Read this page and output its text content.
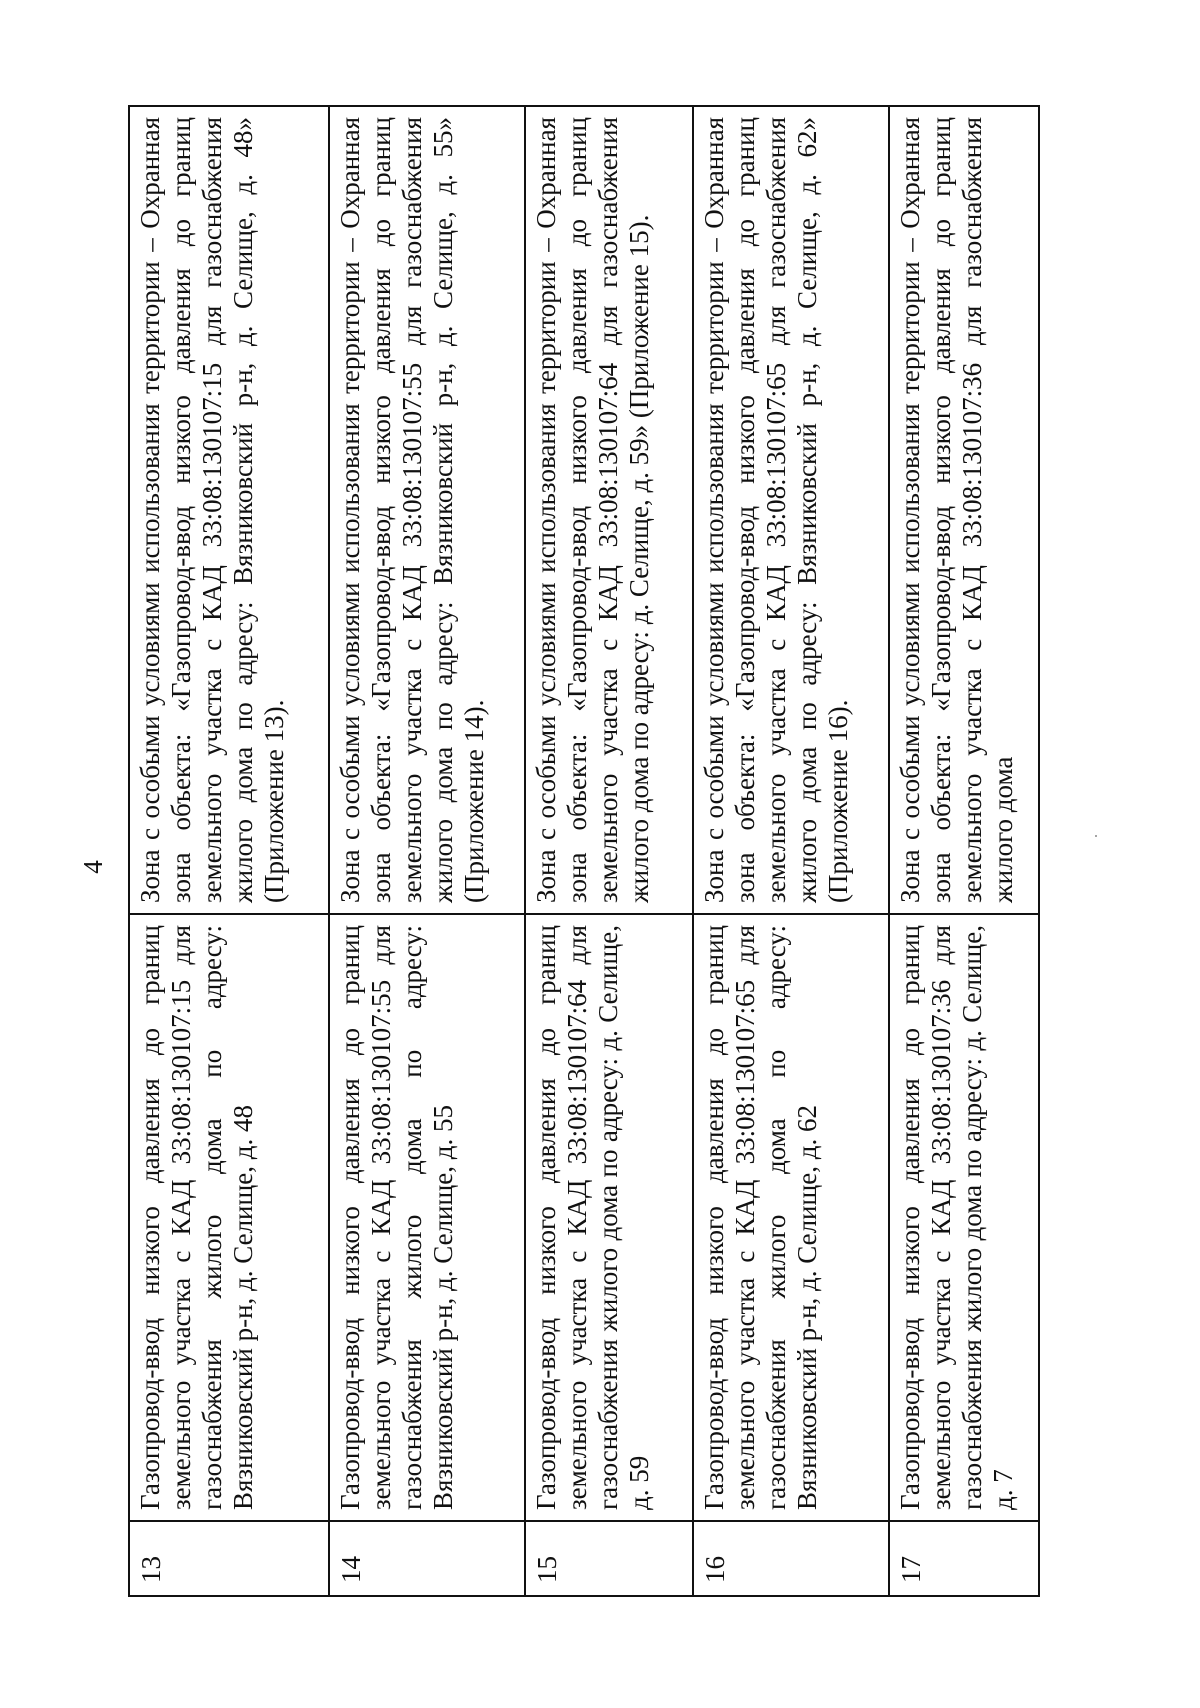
4
13
Газопровод-ввод низкого давления до границ земельного участка с КАД 33:08:130107:15 для газоснабжения жилого дома по адресу: Вязниковский р-н, д. Селище, д. 48
Зона с особыми условиями использования территории – Охранная зона объекта: «Газопровод-ввод низкого давления до границ земельного участка с КАД 33:08:130107:15 для газоснабжения жилого дома по адресу: Вязниковский р-н, д. Селище, д. 48» (Приложение 13).
14
Газопровод-ввод низкого давления до границ земельного участка с КАД 33:08:130107:55 для газоснабжения жилого дома по адресу: Вязниковский р-н, д. Селище, д. 55
Зона с особыми условиями использования территории – Охранная зона объекта: «Газопровод-ввод низкого давления до границ земельного участка с КАД 33:08:130107:55 для газоснабжения жилого дома по адресу: Вязниковский р-н, д. Селище, д. 55» (Приложение 14).
15
Газопровод-ввод низкого давления до границ земельного участка с КАД 33:08:130107:64 для газоснабжения жилого дома по адресу: д. Селище, д. 59
Зона с особыми условиями использования территории – Охранная зона объекта: «Газопровод-ввод низкого давления до границ земельного участка с КАД 33:08:130107:64 для газоснабжения жилого дома по адресу: д. Селище, д. 59» (Приложение 15).
16
Газопровод-ввод низкого давления до границ земельного участка с КАД 33:08:130107:65 для газоснабжения жилого дома по адресу: Вязниковский р-н, д. Селище, д. 62
Зона с особыми условиями использования территории – Охранная зона объекта: «Газопровод-ввод низкого давления до границ земельного участка с КАД 33:08:130107:65 для газоснабжения жилого дома по адресу: Вязниковский р-н, д. Селище, д. 62» (Приложение 16).
17
Газопровод-ввод низкого давления до границ земельного участка с КАД 33:08:130107:36 для газоснабжения жилого дома по адресу: д. Селище, д. 7
Зона с особыми условиями использования территории – Охранная зона объекта: «Газопровод-ввод низкого давления до границ земельного участка с КАД 33:08:130107:36 для газоснабжения жилого дома
